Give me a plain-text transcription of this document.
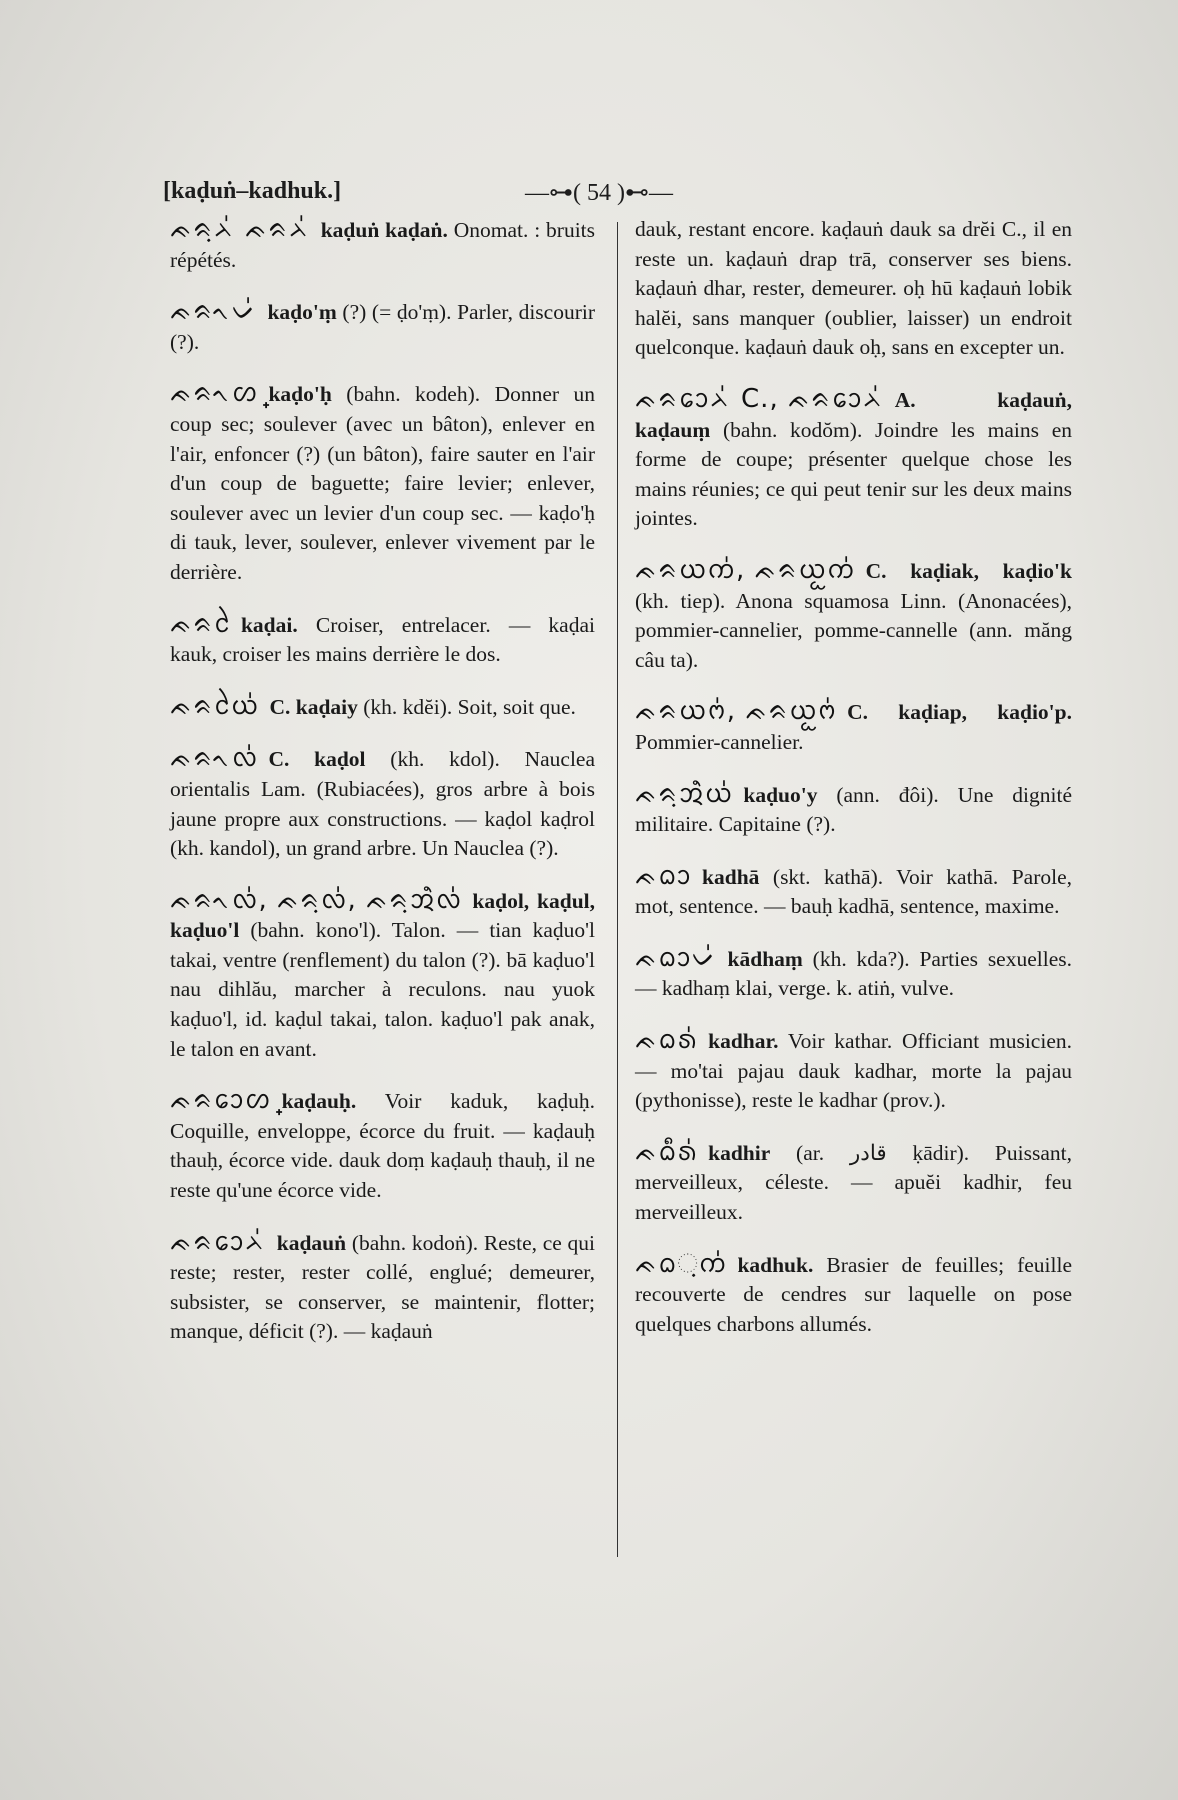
[kaḍuṅ–kadhuk.]	—⊶( 54 )⊷—

ᨃᨑᨘᨂ᩵ ᨃᨑᨂ᩵ kaḍuṅ kaḍaṅ. Onomat. : bruits répétés.

ᨃᨑᨚᨆ᩵ kaḍo'ṃ (?) (= ḍo'ṃ). Parler, discourir (?).

ᨃᨑᨚᩉ᩠ kaḍo'ḥ (bahn. kodeh). Donner un coup sec; soulever (avec un bâton), enlever en l'air, enfoncer (?) (un bâton), faire sauter en l'air d'un coup de baguette; faire levier; enlever, soulever avec un levier d'un coup sec. — kaḍo'ḥ di tauk, lever, soulever, enlever vivement par le derrière.

ᨃᨑᩱ kaḍai. Croiser, entrelacer. — kaḍai kauk, croiser les mains derrière le dos.

ᨃᨑᩱᨿ᩵ C. kaḍaiy (kh. kdĕi). Soit, soit que.

ᨃᨑᨚᩃ᩵ C. kaḍol (kh. kdol). Nauclea orientalis Lam. (Rubiacées), gros arbre à bois jaune propre aux constructions. — kaḍol kaḍrol (kh. kandol), un grand arbre. Un Nauclea (?).

ᨃᨑᨚᩃ᩵, ᨃᨑᨘᩃ᩵, ᨃᨑᨘᩋᩫᩃ᩵ kaḍol, kaḍul, kaḍuo'l (bahn. kono'l). Talon. — tian kaḍuo'l takai, ventre (renflement) du talon (?). bā kaḍuo'l nau dihlău, marcher à reculons. nau yuok kaḍuo'l, id. kaḍul takai, talon. kaḍuo'l pak anak, le talon en avant.

ᨃᨑᩮᩣᩉ᩠ kaḍauḥ. Voir kaduk, kaḍuḥ. Coquille, enveloppe, écorce du fruit. — kaḍauḥ thauḥ, écorce vide. dauk doṃ kaḍauḥ thauḥ, il ne reste qu'une écorce vide.

ᨃᨑᩮᩣᨂ᩵ kaḍauṅ (bahn. kodoṅ). Reste, ce qui reste; rester, rester collé, englué; demeurer, subsister, se conserver, se maintenir, flotter; manque, déficit (?). — kaḍauṅ

dauk, restant encore. kaḍauṅ dauk sa drĕi C., il en reste un. kaḍauṅ drap trā, conserver ses biens. kaḍauṅ dhar, rester, demeurer. oḥ hū kaḍauṅ lobik halĕi, sans manquer (oublier, laisser) un endroit quelconque. kaḍauṅ dauk oḥ, sans en excepter un.

ᨃᨑᩮᩣᨂ᩵ C., ᨃᨑᩮᩣᨂ᩵ A. kaḍauṅ, kaḍauṃ (bahn. kodŏm). Joindre les mains en forme de coupe; présenter quelque chose les mains réunies; ce qui peut tenir sur les deux mains jointes.

ᨃᨑᨿᨠ᩵, ᨃᨑᨿᩬᨠ᩵ C. kaḍiak, kaḍio'k (kh. tiep). Anona squamosa Linn. (Anonacées), pommier-cannelier, pomme-cannelle (ann. măng câu ta).

ᨃᨑᨿᨻ᩵, ᨃᨑᨿᩬᨻ᩵ C. kaḍiap, kaḍio'p. Pommier-cannelier.

ᨃᨑᨘᩋᩫᨿ᩵ kaḍuo'y (ann. đôi). Une dignité militaire. Capitaine (?).

ᨃᨵᩣ kadhā (skt. kathā). Voir kathā. Parole, mot, sentence. — bauḥ kadhā, sentence, maxime.

ᨃᨵᩣᨆ᩵ kādhaṃ (kh. kda?). Parties sexuelles. — kadhaṃ klai, verge. k. atiṅ, vulve.

ᨃᨵᩁ᩵ kadhar. Voir kathar. Officiant musicien. — mo'tai pajau dauk kadhar, morte la pajau (pythonisse), reste le kadhar (prov.).

ᨃᨵᩥᩁ᩵ kadhir (ar. قادر ḳādir). Puissant, merveilleux, céleste. — apuĕi kadhir, feu merveilleux.

ᨃᨵᨘᨠ᩵ kadhuk. Brasier de feuilles; feuille recouverte de cendres sur laquelle on pose quelques charbons allumés.
